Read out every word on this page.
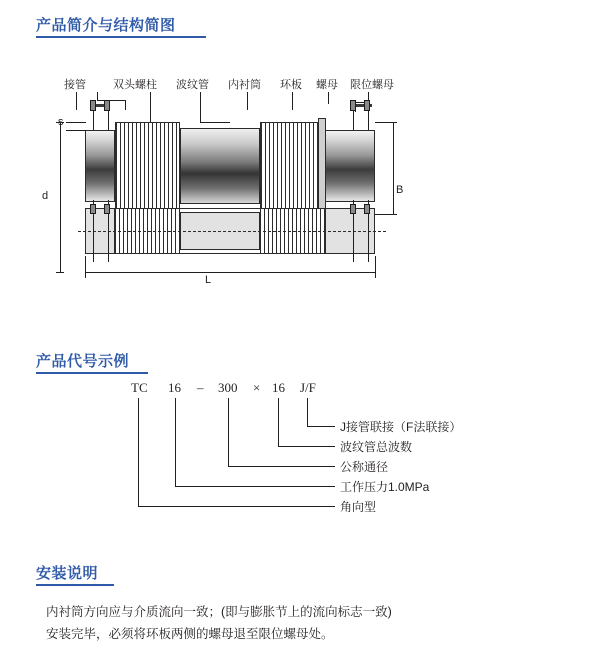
产品简介与结构简图
接管 双头螺柱 波纹管 内衬筒 环板 螺母 限位螺母
d	B
L
产品代号示例
TC 16 – 300 × 16 J/F
J接管联接（F法联接）
波纹管总波数
公称通径
工作压力1.0MPa
角向型
安装说明
内衬筒方向应与介质流向一致；(即与膨胀节上的流向标志一致)
安装完毕，必须将环板两侧的螺母退至限位螺母处。
